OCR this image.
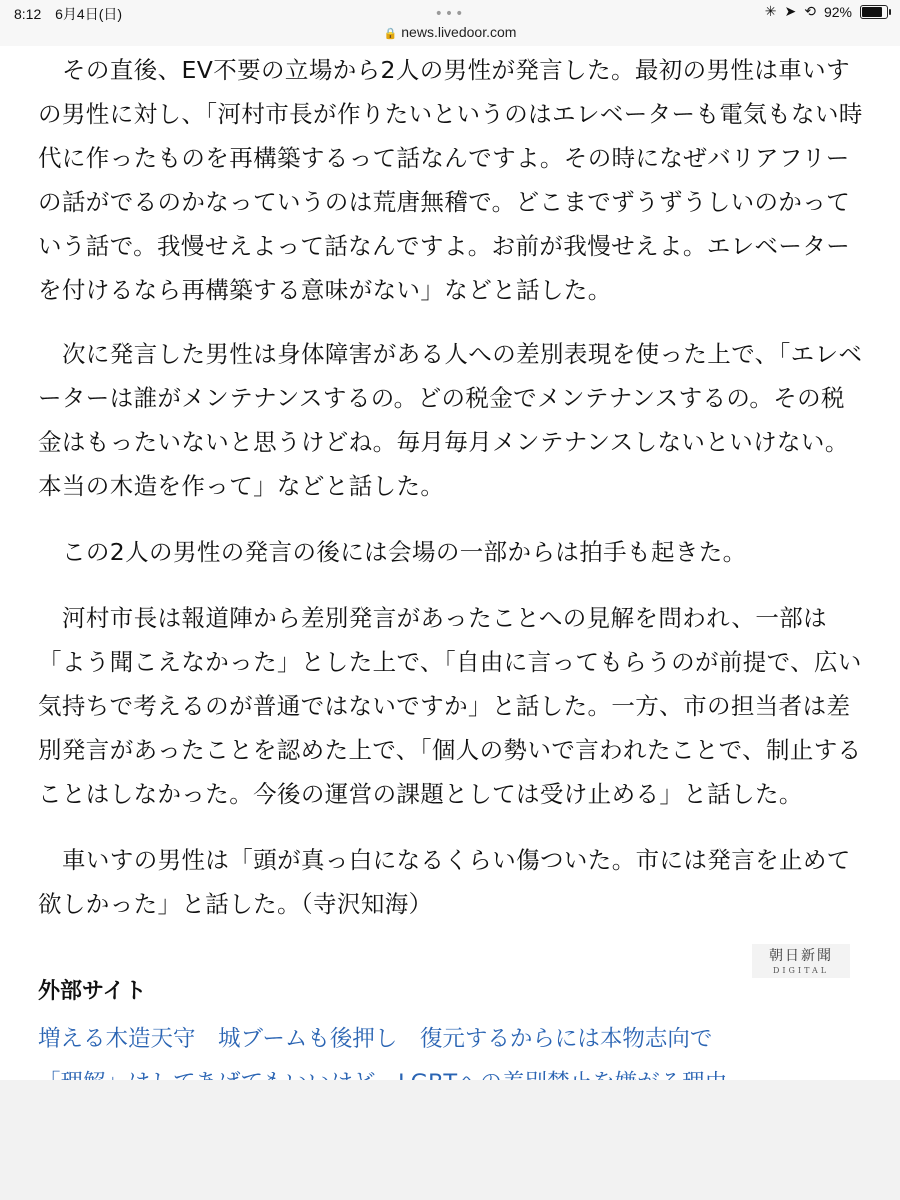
8:12 6月4日(日)	•••
🔒 news.livedoor.com
✳ ➤ ⟲ 92%

その直後、EV不要の立場から2人の男性が発言した。最初の男性は車いすの男性に対し、「河村市長が作りたいというのはエレベーターも電気もない時代に作ったものを再構築するって話なんですよ。その時になぜバリアフリーの話がでるのかなっていうのは荒唐無稽で。どこまでずうずうしいのかっていう話で。我慢せえよって話なんですよ。お前が我慢せえよ。エレベーターを付けるなら再構築する意味がない」などと話した。

次に発言した男性は身体障害がある人への差別表現を使った上で、「エレベーターは誰がメンテナンスするの。どの税金でメンテナンスするの。その税金はもったいないと思うけどね。毎月毎月メンテナンスしないといけない。本当の木造を作って」などと話した。

この2人の男性の発言の後には会場の一部からは拍手も起きた。

河村市長は報道陣から差別発言があったことへの見解を問われ、一部は「よう聞こえなかった」とした上で、「自由に言ってもらうのが前提で、広い気持ちで考えるのが普通ではないですか」と話した。一方、市の担当者は差別発言があったことを認めた上で、「個人の勢いで言われたことで、制止することはしなかった。今後の運営の課題としては受け止める」と話した。

車いすの男性は「頭が真っ白になるくらい傷ついた。市には発言を止めて欲しかった」と話した。（寺沢知海）

朝日新聞
DIGITAL
外部サイト
増える木造天守　城ブームも後押し　復元するからには本物志向で
